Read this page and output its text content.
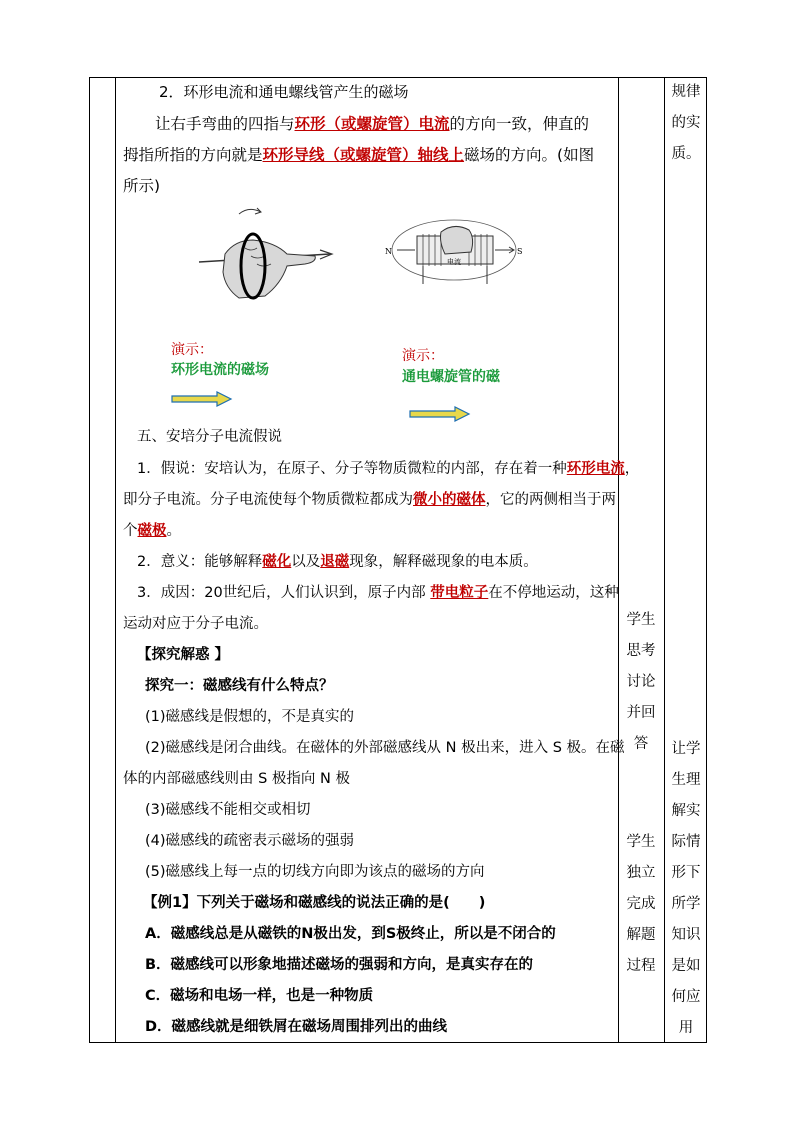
2．环形电流和通电螺线管产生的磁场
让右手弯曲的四指与环形（或螺旋管）电流的方向一致，伸直的
拇指所指的方向就是环形导线（或螺旋管）轴线上磁场的方向。(如图
所示)
N	S
电流
演示：
环形电流的磁场
演示：
通电螺旋管的磁
五、安培分子电流假说
1．假说：安培认为，在原子、分子等物质微粒的内部，存在着一种环形电流，
即分子电流。分子电流使每个物质微粒都成为微小的磁体，它的两侧相当于两
个磁极。
2．意义：能够解释磁化以及退磁现象，解释磁现象的电本质。
3．成因：20世纪后，人们认识到，原子内部 带电粒子在不停地运动，这种
运动对应于分子电流。
【探究解惑 】
探究一：磁感线有什么特点？
(1)磁感线是假想的，不是真实的
(2)磁感线是闭合曲线。在磁体的外部磁感线从 N 极出来，进入 S 极。在磁
体的内部磁感线则由 S 极指向 N 极
(3)磁感线不能相交或相切
(4)磁感线的疏密表示磁场的强弱
(5)磁感线上每一点的切线方向即为该点的磁场的方向
【例1】下列关于磁场和磁感线的说法正确的是(　　)
A．磁感线总是从磁铁的N极出发，到S极终止，所以是不闭合的
B．磁感线可以形象地描述磁场的强弱和方向，是真实存在的
C．磁场和电场一样，也是一种物质
D．磁感线就是细铁屑在磁场周围排列出的曲线
学生
思考
讨论
并回
答
学生
独立
完成
解题
过程
规律
的实
质。
让学
生理
解实
际情
形下
所学
知识
是如
何应
用
